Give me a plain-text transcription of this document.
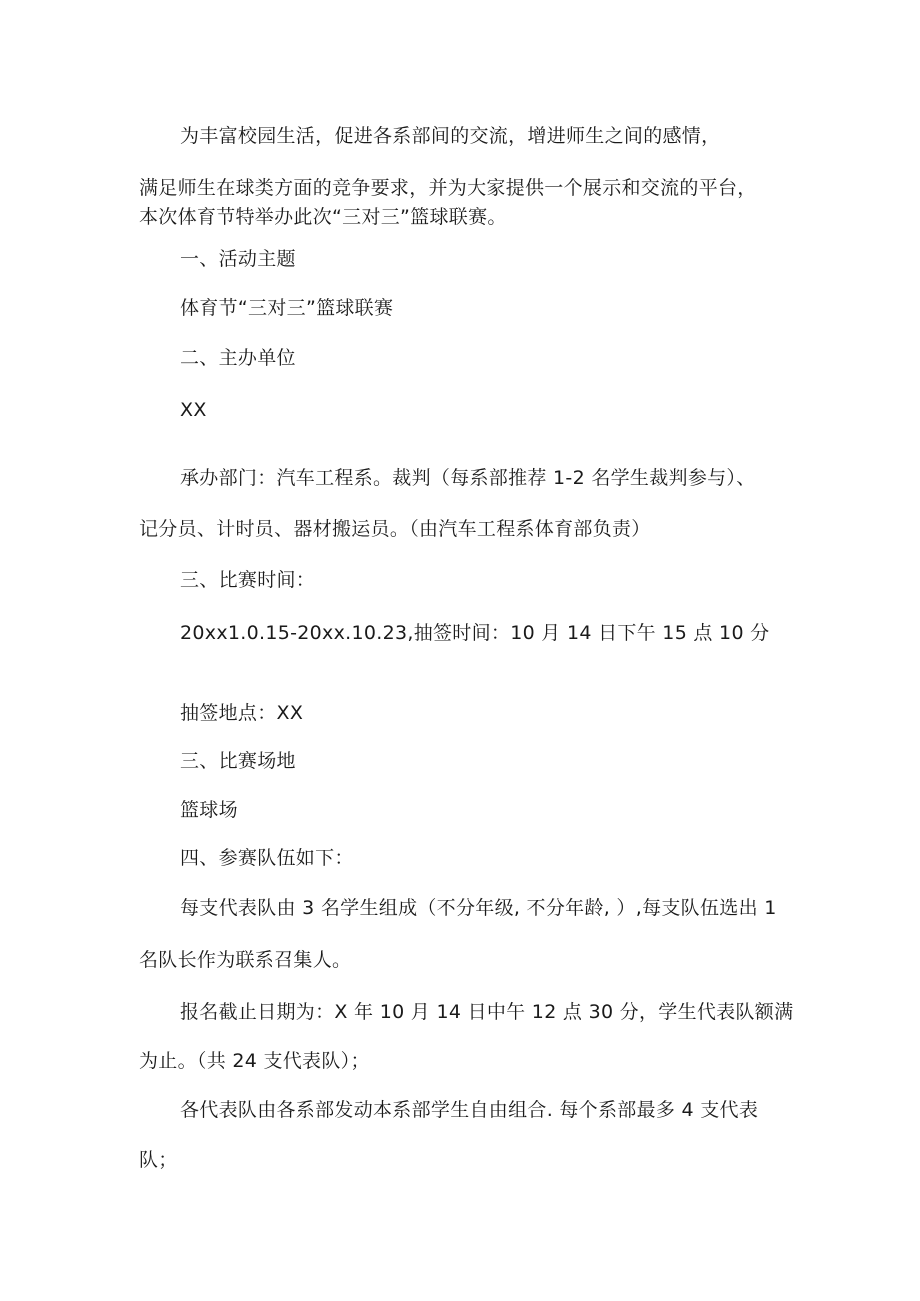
为丰富校园生活，促进各系部间的交流，增进师生之间的感情，
满足师生在球类方面的竞争要求，并为大家提供一个展示和交流的平台，
本次体育节特举办此次“三对三”篮球联赛。
一、活动主题
体育节“三对三”篮球联赛
二、主办单位
XX
承办部门：汽车工程系。裁判（每系部推荐 1-2 名学生裁判参与）、
记分员、计时员、器材搬运员。（由汽车工程系体育部负责）
三、比赛时间：
20xx1.0.15-20xx.10.23,抽签时间：10 月 14 日下午 15 点 10 分
抽签地点：XX
三、比赛场地
篮球场
四、参赛队伍如下：
每支代表队由 3 名学生组成（不分年级, 不分年龄, ）,每支队伍选出 1
名队长作为联系召集人。
报名截止日期为：X 年 10 月 14 日中午 12 点 30 分，学生代表队额满
为止。（共 24 支代表队）；
各代表队由各系部发动本系部学生自由组合. 每个系部最多 4 支代表
队；
